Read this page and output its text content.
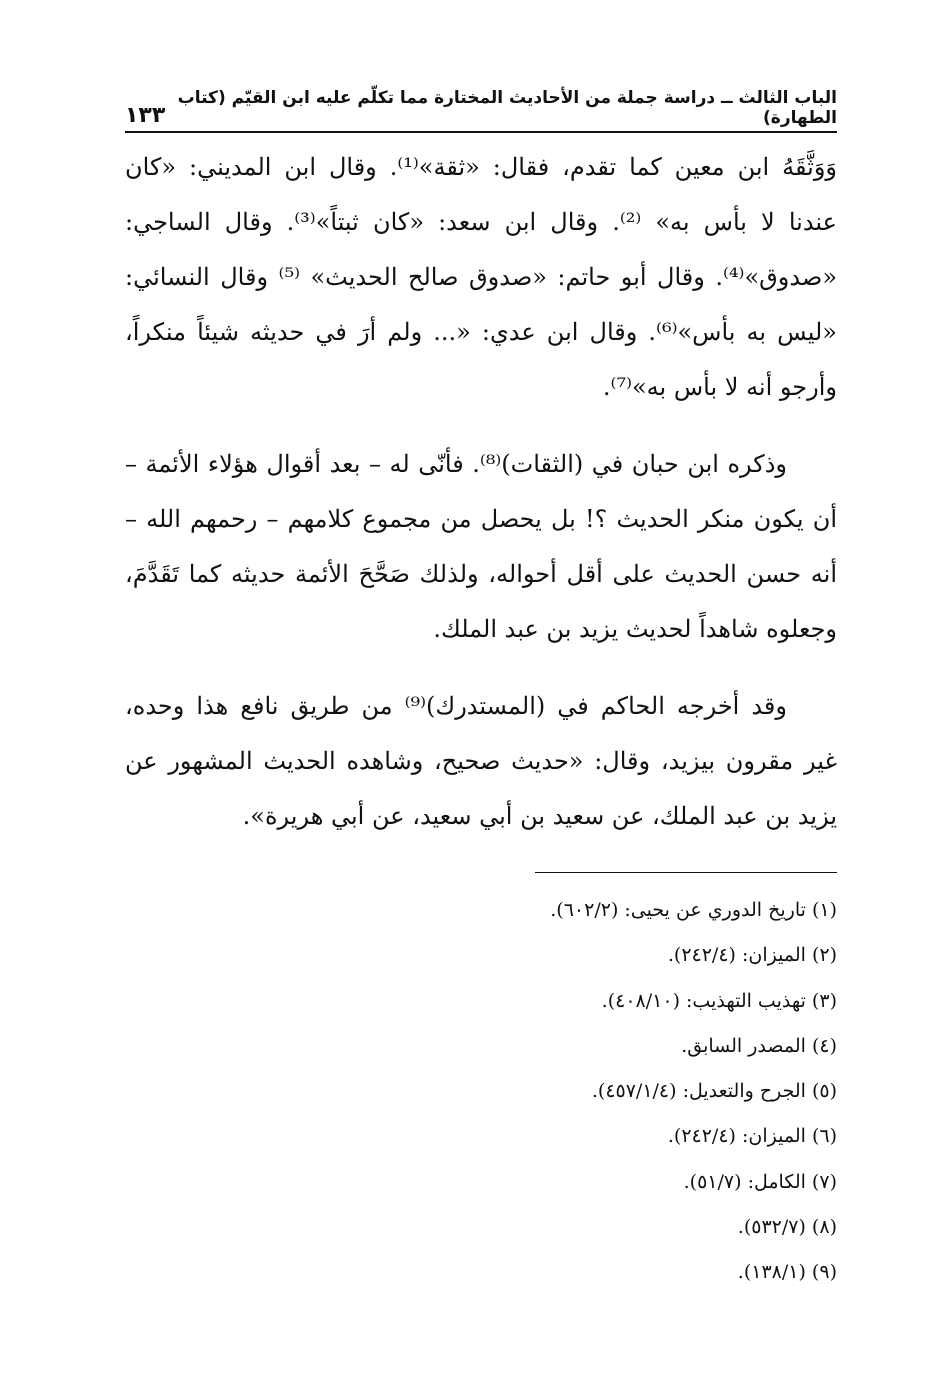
الباب الثالث ــ دراسة جملة من الأحاديث المختارة مما تكلّم عليه ابن القيّم (كتاب الطهارة)
١٣٣

وَوَثَّقَهُ ابن معين كما تقدم، فقال: «ثقة»⁽¹⁾. وقال ابن المديني: «كان عندنا لا بأس به» ⁽²⁾. وقال ابن سعد: «كان ثبتاً»⁽³⁾. وقال الساجي: «صدوق»⁽⁴⁾. وقال أبو حاتم: «صدوق صالح الحديث» ⁽⁵⁾ وقال النسائي: «ليس به بأس»⁽⁶⁾. وقال ابن عدي: «... ولم أرَ في حديثه شيئاً منكراً، وأرجو أنه لا بأس به»⁽⁷⁾.

وذكره ابن حبان في (الثقات)⁽⁸⁾. فأنّى له – بعد أقوال هؤلاء الأئمة – أن يكون منكر الحديث ؟! بل يحصل من مجموع كلامهم – رحمهم الله – أنه حسن الحديث على أقل أحواله، ولذلك صَحَّحَ الأئمة حديثه كما تَقَدَّمَ، وجعلوه شاهداً لحديث يزيد بن عبد الملك.

وقد أخرجه الحاكم في (المستدرك)⁽⁹⁾ من طريق نافع هذا وحده، غير مقرون بيزيد، وقال: «حديث صحيح، وشاهده الحديث المشهور عن يزيد بن عبد الملك، عن سعيد بن أبي سعيد، عن أبي هريرة».

(١) تاريخ الدوري عن يحيى: (٦٠٢/٢).
(٢) الميزان: (٢٤٢/٤).
(٣) تهذيب التهذيب: (٤٠٨/١٠).
(٤) المصدر السابق.
(٥) الجرح والتعديل: (٤٥٧/١/٤).
(٦) الميزان: (٢٤٢/٤).
(٧) الكامل: (٥١/٧).
(٨) (٥٣٢/٧).
(٩) (١٣٨/١).
